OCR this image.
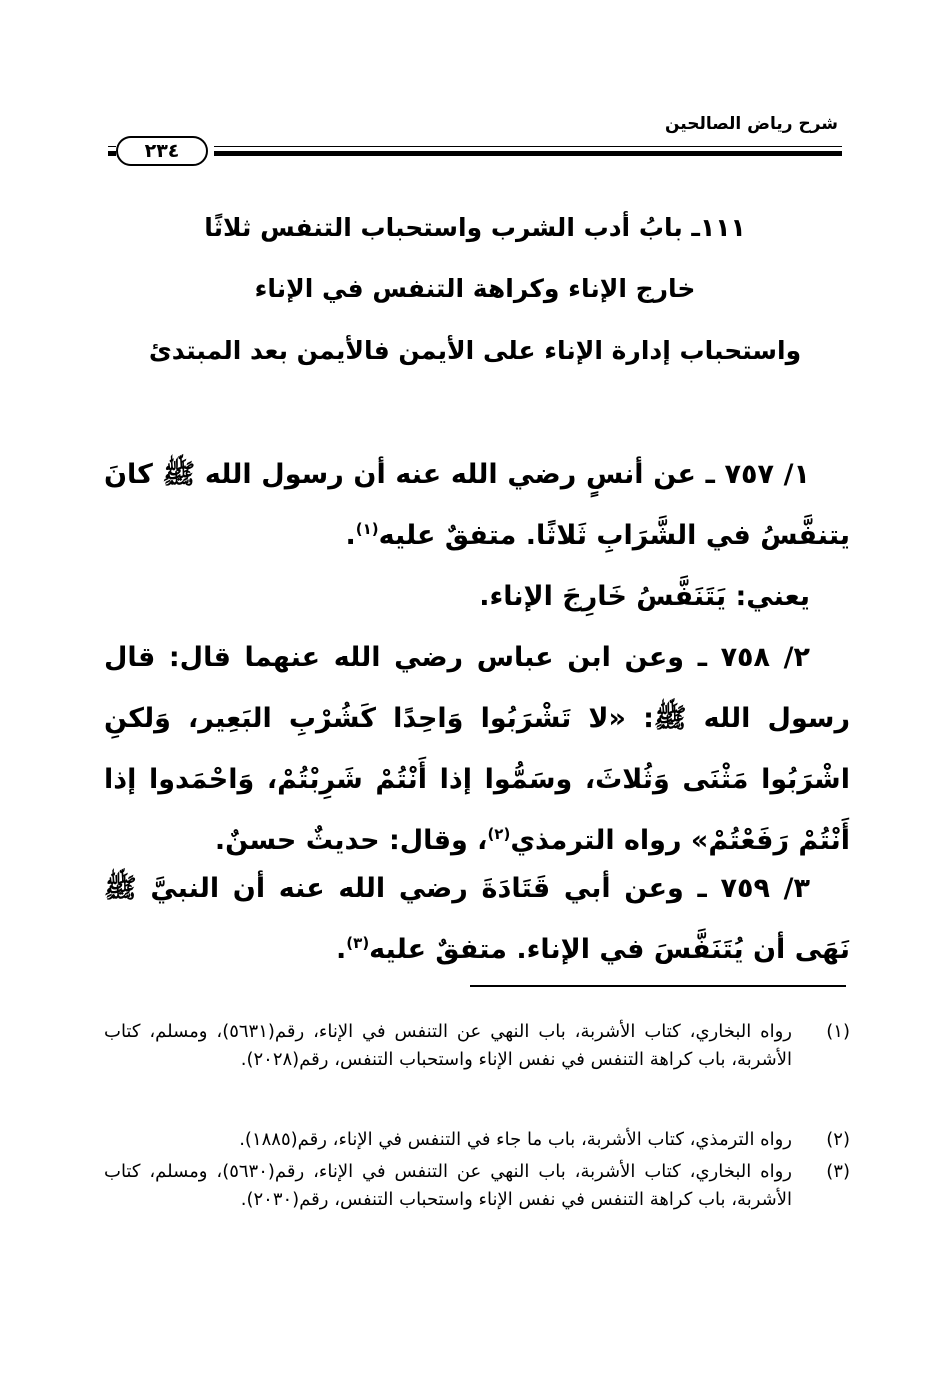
شرح رياض الصالحين
٢٣٤
١١١ـ بابُ أدب الشرب واستحباب التنفس ثلاثًا
خارج الإناء وكراهة التنفس في الإناء
واستحباب إدارة الإناء على الأيمن فالأيمن بعد المبتدئ
١/ ٧٥٧ ـ عن أنسٍ رضي الله عنه أن رسول الله ﷺ كانَ يتنفَّسُ في الشَّرَابِ ثَلاثًا. متفقٌ عليه$^{(١)}$.
يعني: يَتَنَفَّسُ خَارِجَ الإناء.
٢/ ٧٥٨ ـ وعن ابن عباس رضي الله عنهما قال: قال رسول الله ﷺ: «لا تَشْرَبُوا وَاحِدًا كَشُرْبِ البَعِير، وَلكنِ اشْرَبُوا مَثْنَى وَثُلاثَ، وسَمُّوا إذا أَنْتُمْ شَرِبْتُمْ، وَاحْمَدوا إذا أَنْتُمْ رَفَعْتُمْ» رواه الترمذي$^{(٢)}$، وقال: حديثٌ حسنٌ.
٣/ ٧٥٩ ـ وعن أبي قَتَادَةَ رضي الله عنه أن النبيَّ ﷺ نَهَى أن يُتَنَفَّسَ في الإناء. متفقٌ عليه$^{(٣)}$.
(١)
رواه البخاري، كتاب الأشربة، باب النهي عن التنفس في الإناء، رقم(٥٦٣١)، ومسلم، كتاب الأشربة، باب كراهة التنفس في نفس الإناء واستحباب التنفس، رقم(٢٠٢٨).
(٢)
رواه الترمذي، كتاب الأشربة، باب ما جاء في التنفس في الإناء، رقم(١٨٨٥).
(٣)
رواه البخاري، كتاب الأشربة، باب النهي عن التنفس في الإناء، رقم(٥٦٣٠)، ومسلم، كتاب الأشربة، باب كراهة التنفس في نفس الإناء واستحباب التنفس، رقم(٢٠٣٠).
